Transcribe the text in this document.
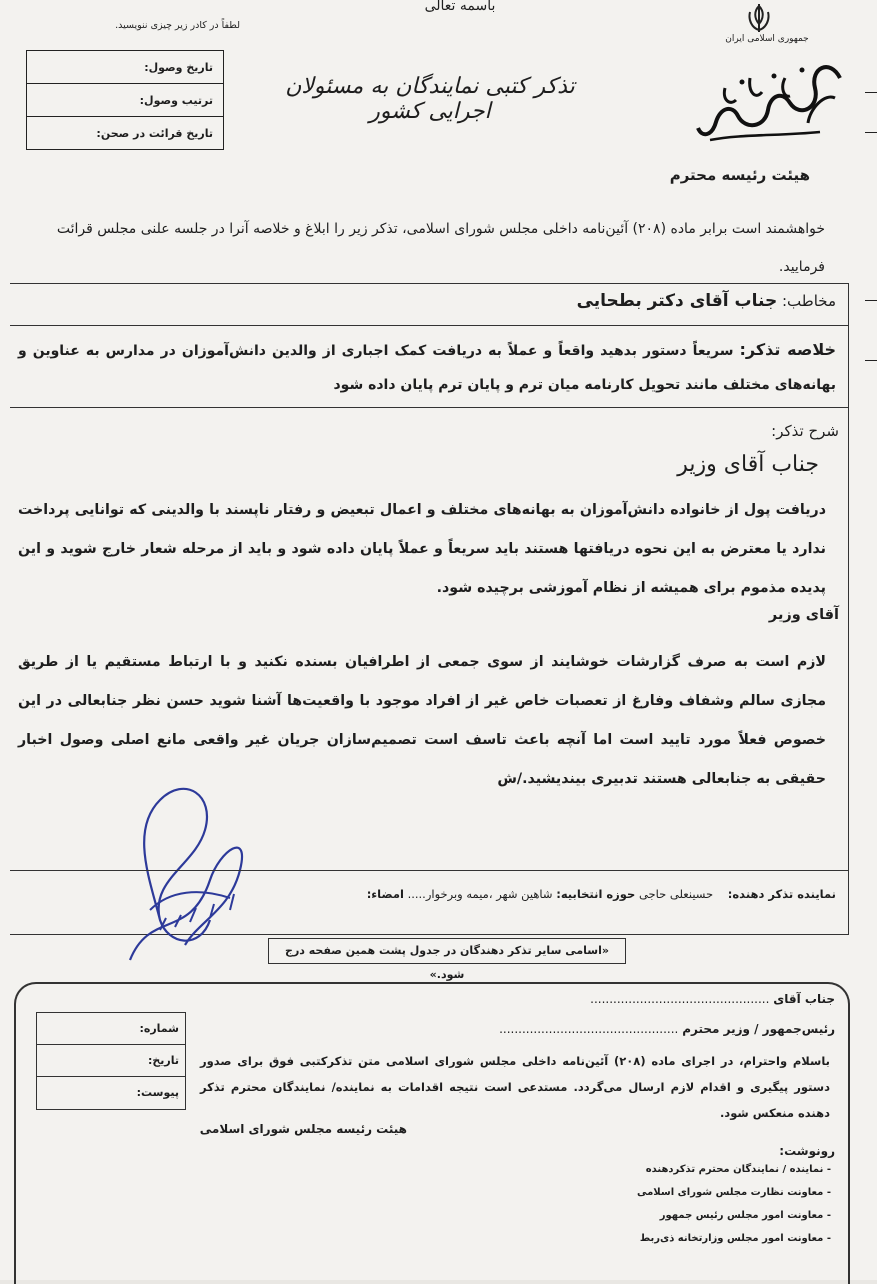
باسمه تعالی
لطفاً در کادر زیر چیزی ننویسید.
جمهوری اسلامی ایران
تاریخ وصول:
ترتیب وصول:
تاریخ قرائت در صحن:
تذکر کتبی نمایندگان به مسئولان اجرایی کشور
هیئت رئیسه محترم
خواهشمند است برابر ماده (۲۰۸) آئین‌نامه داخلی مجلس شورای اسلامی، تذکر زیر را ابلاغ و خلاصه آنرا در جلسه علنی مجلس قرائت فرمایید.
مخاطب: جناب آقای دکتر بطحایی
خلاصه تذکر: سریعاً دستور بدهید واقعاً و عملاً به دریافت کمک اجباری از والدین دانش‌آموزان در مدارس به عناوین و بهانه‌های مختلف مانند تحویل کارنامه میان ترم و پایان ترم پایان داده شود
شرح تذکر:
جناب آقای وزیر
دریافت پول از خانواده دانش‌آموزان به بهانه‌های مختلف و اعمال تبعیض و رفتار ناپسند با والدینی که توانایی پرداخت ندارد یا معترض به این نحوه دریافتها هستند باید سریعاً و عملاً پایان داده شود و باید از مرحله شعار خارج شوید و این پدیده مذموم برای همیشه از نظام آموزشی برچیده شود.
آقای وزیر
لازم است به صرف گزارشات خوشایند از سوی جمعی از اطرافیان بسنده نکنید و با ارتباط مستقیم یا از طریق مجازی سالم وشفاف وفارغ از تعصبات خاص غیر از افراد موجود با واقعیت‌ها آشنا شوید حسن نظر جنابعالی در این خصوص فعلاً مورد تایید است اما آنچه باعث تاسف است تصمیم‌سازان جریان غیر واقعی مانع اصلی وصول اخبار حقیقی به جنابعالی هستند تدبیری بیندیشید./ش
نماینده تذکر دهنده:    حسینعلی حاجی حوزه انتخابیه: شاهین شهر ،میمه وبرخوار..... امضاء:
«اسامی سایر تذکر دهندگان در جدول پشت همین صفحه درج شود.»
جناب آقای ...............................................
رئیس‌جمهور / وزیر محترم ...............................................
شماره:
تاریخ:
پیوست:
باسلام واحترام، در اجرای ماده (۲۰۸) آئین‌نامه داخلی مجلس شورای اسلامی متن تذکرکتبی فوق برای صدور دستور پیگیری و اقدام لازم ارسال می‌گردد. مستدعی است نتیجه اقدامات به نماینده/ نمایندگان محترم تذکر دهنده منعکس شود.
هیئت رئیسه مجلس شورای اسلامی
رونوشت:
- نماینده / نمایندگان محترم تذکردهنده
- معاونت نظارت مجلس شورای اسلامی
- معاونت امور مجلس رئیس جمهور
- معاونت امور مجلس وزارتخانه ذی‌ربط
